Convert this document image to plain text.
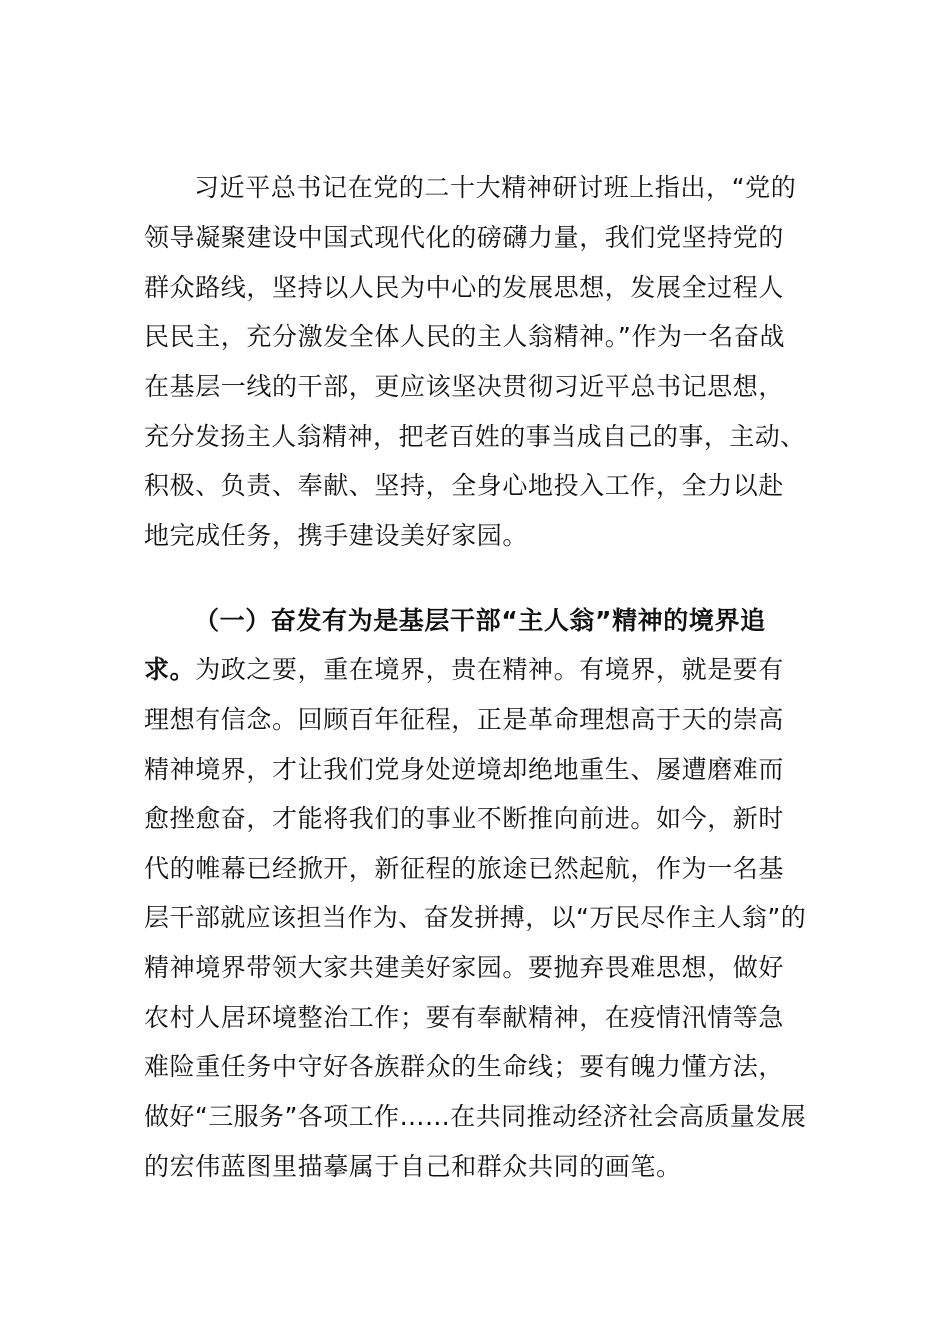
习近平总书记在党的二十大精神研讨班上指出，“党的
领导凝聚建设中国式现代化的磅礴力量，我们党坚持党的
群众路线，坚持以人民为中心的发展思想，发展全过程人
民民主，充分激发全体人民的主人翁精神。”作为一名奋战
在基层一线的干部，更应该坚决贯彻习近平总书记思想，
充分发扬主人翁精神，把老百姓的事当成自己的事，主动、
积极、负责、奉献、坚持，全身心地投入工作，全力以赴
地完成任务，携手建设美好家园。
（一）奋发有为是基层干部“主人翁”精神的境界追
求。为政之要，重在境界，贵在精神。有境界，就是要有
理想有信念。回顾百年征程，正是革命理想高于天的崇高
精神境界，才让我们党身处逆境却绝地重生、屡遭磨难而
愈挫愈奋，才能将我们的事业不断推向前进。如今，新时
代的帷幕已经掀开，新征程的旅途已然起航，作为一名基
层干部就应该担当作为、奋发拼搏，以“万民尽作主人翁”的
精神境界带领大家共建美好家园。要抛弃畏难思想，做好
农村人居环境整治工作；要有奉献精神，在疫情汛情等急
难险重任务中守好各族群众的生命线；要有魄力懂方法，
做好“三服务”各项工作……在共同推动经济社会高质量发展
的宏伟蓝图里描摹属于自己和群众共同的画笔。
